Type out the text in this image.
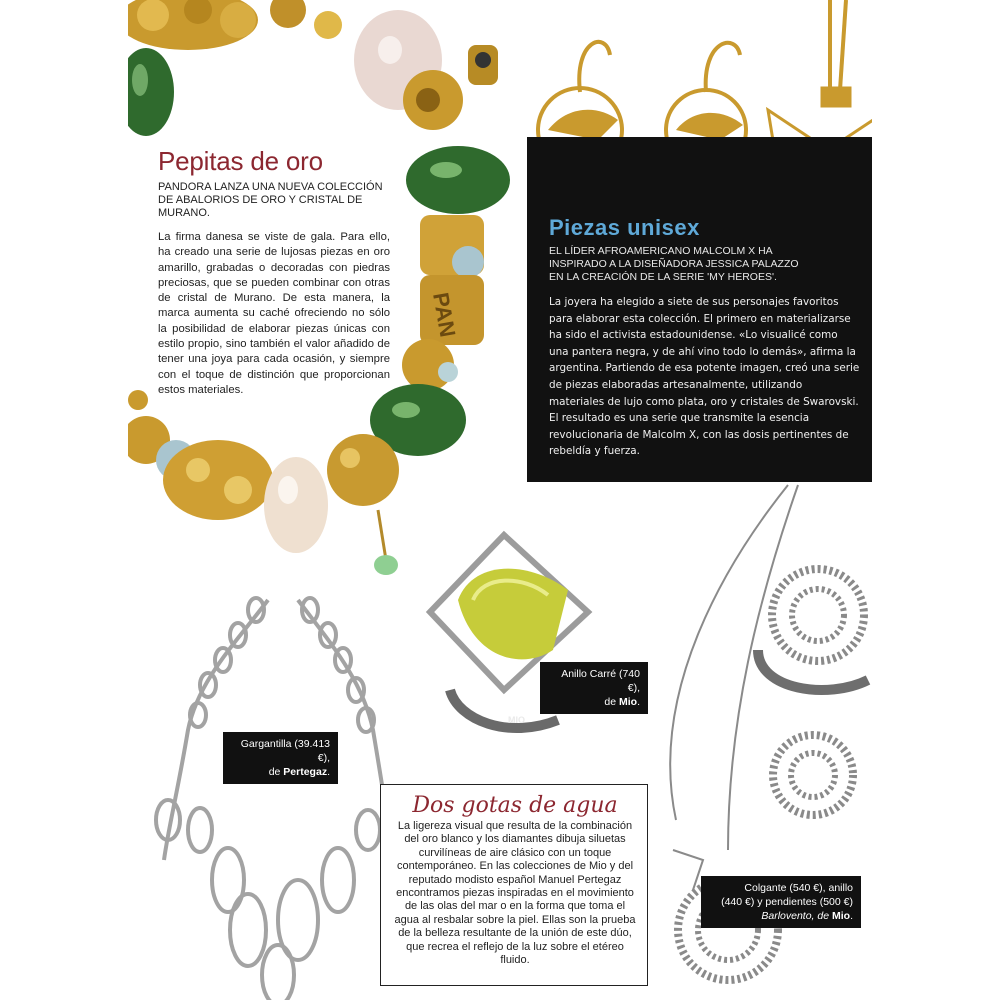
PAN
MIO
Pepitas de oro
PANDORA LANZA UNA NUEVA COLECCIÓN DE ABALORIOS DE ORO Y CRISTAL DE MURANO.
La firma danesa se viste de gala. Para ello, ha creado una serie de lujosas piezas en oro amarillo, grabadas o decoradas con piedras preciosas, que se pueden combinar con otras de cristal de Murano. De esta manera, la marca aumenta su caché ofreciendo no sólo la posibilidad de elaborar piezas únicas con estilo propio, sino también el valor añadido de tener una joya para cada ocasión, y siempre con el toque de distinción que proporcionan estos materiales.
Piezas unisex
EL LÍDER AFROAMERICANO MALCOLM X HA INSPIRADO A LA DISEÑADORA JESSICA PALAZZO EN LA CREACIÓN DE LA SERIE 'MY HEROES'.
La joyera ha elegido a siete de sus personajes favoritos para elaborar esta colección. El primero en materializarse ha sido el activista estadounidense. «Lo visualicé como una pantera negra, y de ahí vino todo lo demás», afirma la argentina. Partiendo de esa potente imagen, creó una serie de piezas elaboradas artesanalmente, utilizando materiales de lujo como plata, oro y cristales de Swarovski. El resultado es una serie que transmite la esencia revolucionaria de Malcolm X, con las dosis pertinentes de rebeldía y fuerza.
Anillo Carré (740 €),
de Mio.
Gargantilla (39.413 €),
de Pertegaz.
Colgante (540 €), anillo
(440 €) y pendientes (500 €)
Barlovento, de Mio.
Dos gotas de agua
La ligereza visual que resulta de la combinación del oro blanco y los diamantes dibuja siluetas curvilíneas de aire clásico con un toque contemporáneo. En las colecciones de Mio y del reputado modisto español Manuel Pertegaz encontramos piezas inspiradas en el movimiento de las olas del mar o en la forma que toma el agua al resbalar sobre la piel. Ellas son la prueba de la belleza resultante de la unión de este dúo, que recrea el reflejo de la luz sobre el etéreo fluido.
